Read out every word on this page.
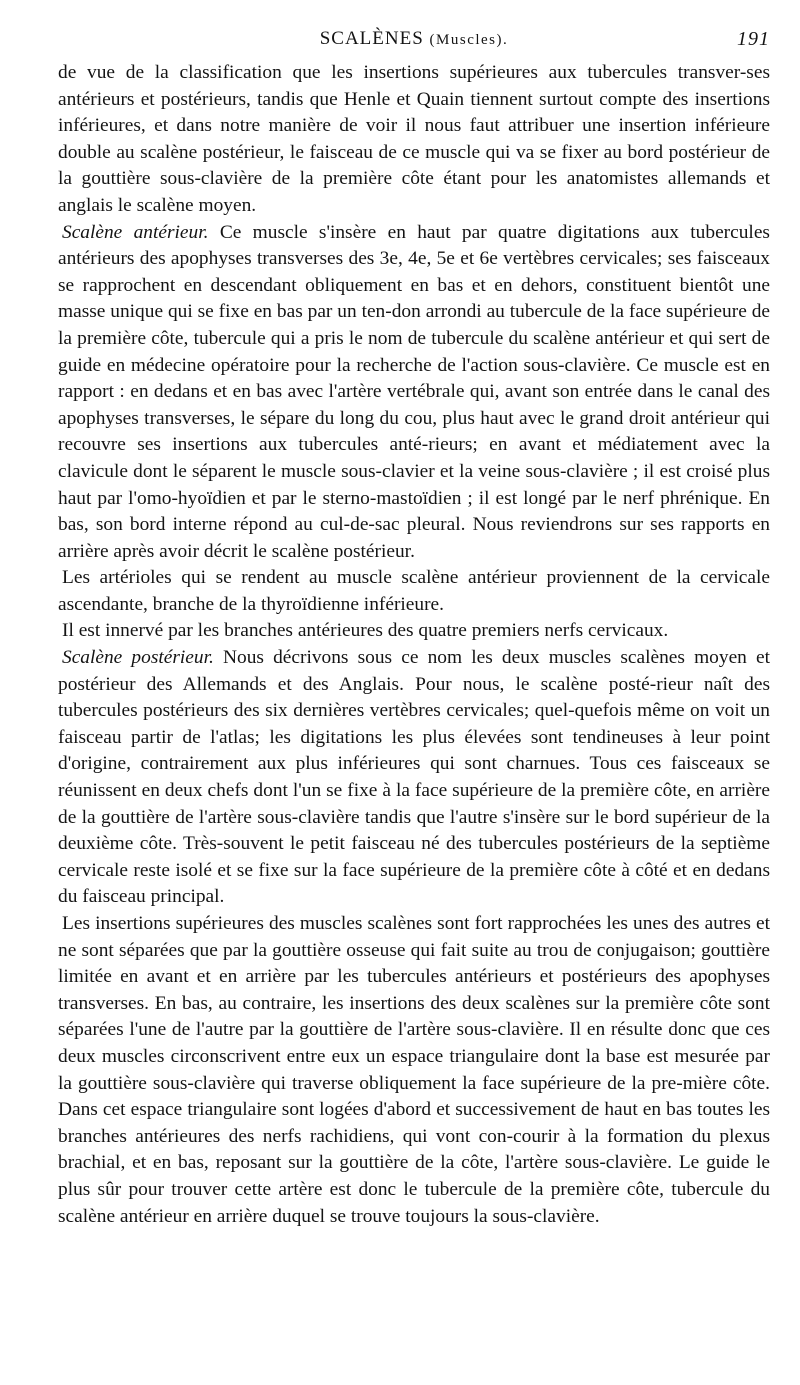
SCALÈNES (Muscles).	191

de vue de la classification que les insertions supérieures aux tubercules transver-ses antérieurs et postérieurs, tandis que Henle et Quain tiennent surtout compte des insertions inférieures, et dans notre manière de voir il nous faut attribuer une insertion inférieure double au scalène postérieur, le faisceau de ce muscle qui va se fixer au bord postérieur de la gouttière sous-clavière de la première côte étant pour les anatomistes allemands et anglais le scalène moyen.

Scalène antérieur. Ce muscle s'insère en haut par quatre digitations aux tubercules antérieurs des apophyses transverses des 3e, 4e, 5e et 6e vertèbres cervicales; ses faisceaux se rapprochent en descendant obliquement en bas et en dehors, constituent bientôt une masse unique qui se fixe en bas par un ten-don arrondi au tubercule de la face supérieure de la première côte, tubercule qui a pris le nom de tubercule du scalène antérieur et qui sert de guide en médecine opératoire pour la recherche de l'action sous-clavière. Ce muscle est en rapport : en dedans et en bas avec l'artère vertébrale qui, avant son entrée dans le canal des apophyses transverses, le sépare du long du cou, plus haut avec le grand droit antérieur qui recouvre ses insertions aux tubercules anté-rieurs; en avant et médiatement avec la clavicule dont le séparent le muscle sous-clavier et la veine sous-clavière ; il est croisé plus haut par l'omo-hyoïdien et par le sterno-mastoïdien ; il est longé par le nerf phrénique. En bas, son bord interne répond au cul-de-sac pleural. Nous reviendrons sur ses rapports en arrière après avoir décrit le scalène postérieur.

Les artérioles qui se rendent au muscle scalène antérieur proviennent de la cervicale ascendante, branche de la thyroïdienne inférieure.

Il est innervé par les branches antérieures des quatre premiers nerfs cervicaux.

Scalène postérieur. Nous décrivons sous ce nom les deux muscles scalènes moyen et postérieur des Allemands et des Anglais. Pour nous, le scalène posté-rieur naît des tubercules postérieurs des six dernières vertèbres cervicales; quel-quefois même on voit un faisceau partir de l'atlas; les digitations les plus élevées sont tendineuses à leur point d'origine, contrairement aux plus inférieures qui sont charnues. Tous ces faisceaux se réunissent en deux chefs dont l'un se fixe à la face supérieure de la première côte, en arrière de la gouttière de l'artère sous-clavière tandis que l'autre s'insère sur le bord supérieur de la deuxième côte. Très-souvent le petit faisceau né des tubercules postérieurs de la septième cervicale reste isolé et se fixe sur la face supérieure de la première côte à côté et en dedans du faisceau principal.

Les insertions supérieures des muscles scalènes sont fort rapprochées les unes des autres et ne sont séparées que par la gouttière osseuse qui fait suite au trou de conjugaison; gouttière limitée en avant et en arrière par les tubercules antérieurs et postérieurs des apophyses transverses. En bas, au contraire, les insertions des deux scalènes sur la première côte sont séparées l'une de l'autre par la gouttière de l'artère sous-clavière. Il en résulte donc que ces deux muscles circonscrivent entre eux un espace triangulaire dont la base est mesurée par la gouttière sous-clavière qui traverse obliquement la face supérieure de la pre-mière côte. Dans cet espace triangulaire sont logées d'abord et successivement de haut en bas toutes les branches antérieures des nerfs rachidiens, qui vont con-courir à la formation du plexus brachial, et en bas, reposant sur la gouttière de la côte, l'artère sous-clavière. Le guide le plus sûr pour trouver cette artère est donc le tubercule de la première côte, tubercule du scalène antérieur en arrière duquel se trouve toujours la sous-clavière.
